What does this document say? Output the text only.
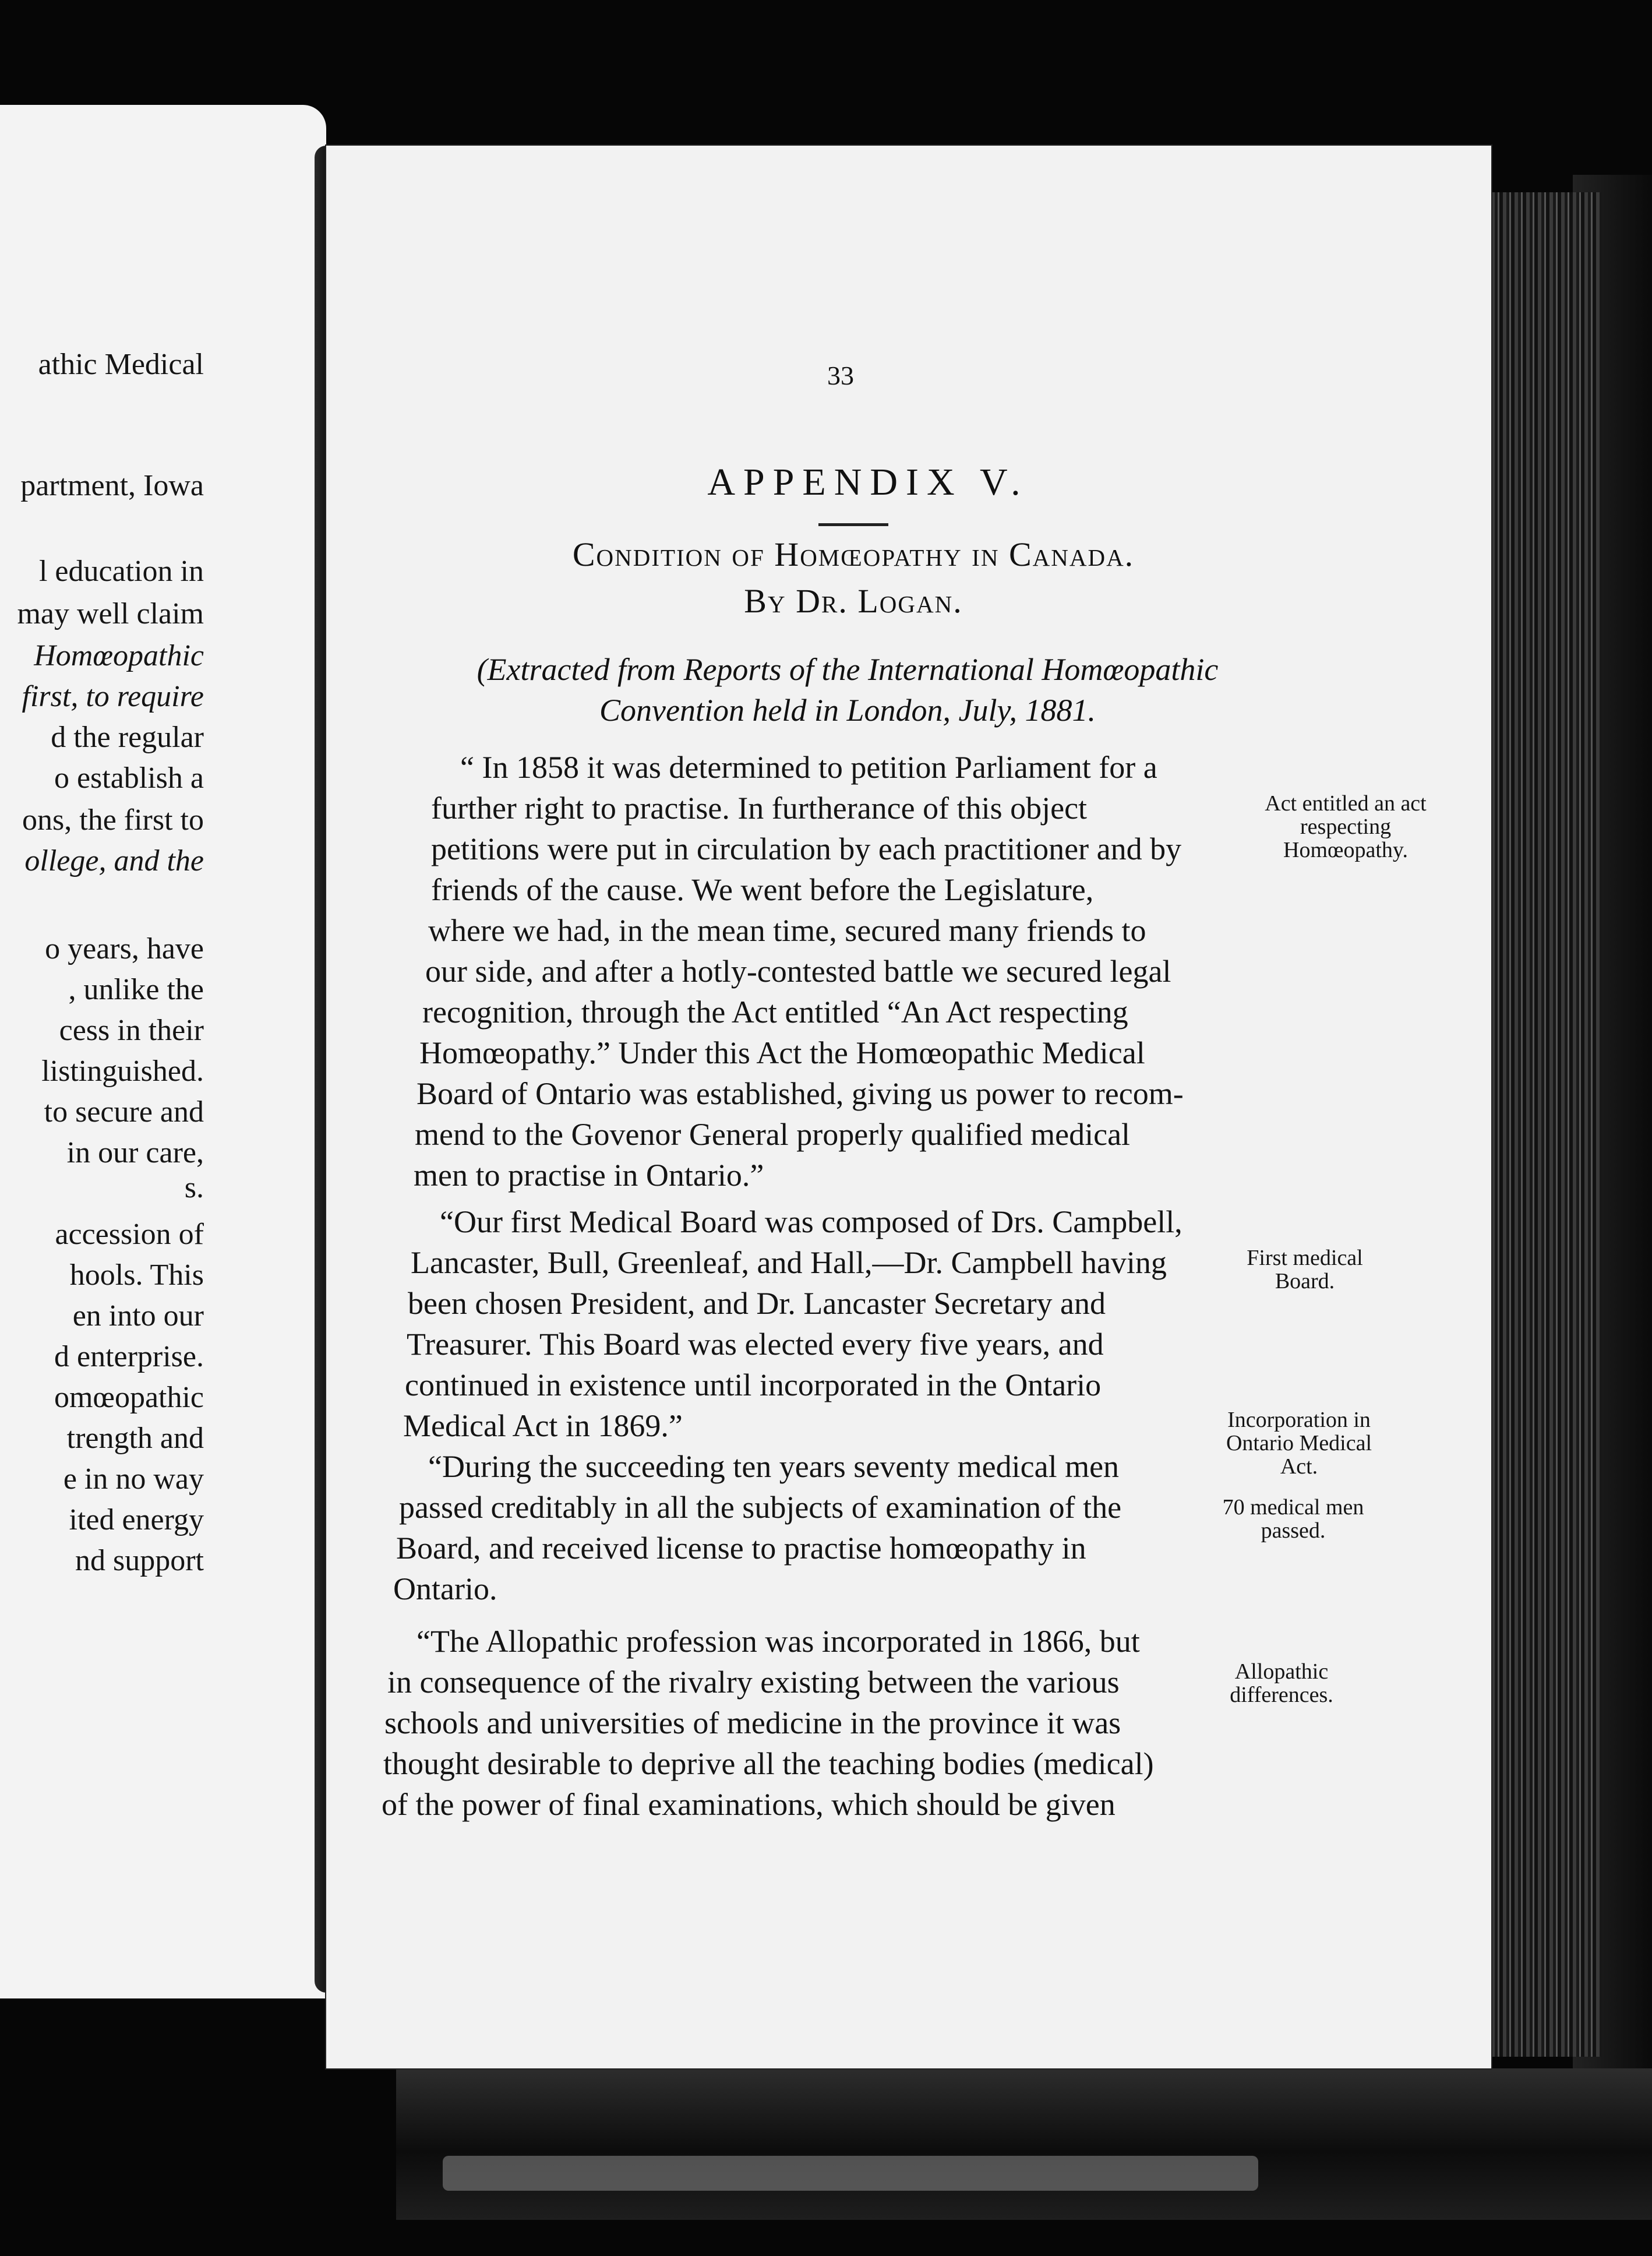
athic Medical
partment, Iowa
l education in
may well claim
Homœopathic
first, to require
d the regular
o establish a
ons, the first to
ollege, and the
o years, have
, unlike the
cess in their
listinguished.
to secure and
in our care,
s.
accession of
hools. This
en into our
d enterprise.
omœopathic
trength and
e in no way
ited energy
nd support
33
APPENDIX V.
Condition of Homœopathy in Canada.
By Dr. Logan.
(Extracted from Reports of the International Homœopathic
Convention held in London, July, 1881.
“ In 1858 it was determined to petition Parliament for a
further right to practise. In furtherance of this object
petitions were put in circulation by each practitioner and by
friends of the cause. We went before the Legislature,
where we had, in the mean time, secured many friends to
our side, and after a hotly-contested battle we secured legal
recognition, through the Act entitled “An Act respecting
Homœopathy.” Under this Act the Homœopathic Medical
Board of Ontario was established, giving us power to recom-
mend to the Govenor General properly qualified medical
men to practise in Ontario.”
“Our first Medical Board was composed of Drs. Campbell,
Lancaster, Bull, Greenleaf, and Hall,—Dr. Campbell having
been chosen President, and Dr. Lancaster Secretary and
Treasurer. This Board was elected every five years, and
continued in existence until incorporated in the Ontario
Medical Act in 1869.”
“During the succeeding ten years seventy medical men
passed creditably in all the subjects of examination of the
Board, and received license to practise homœopathy in
Ontario.
“The Allopathic profession was incorporated in 1866, but
in consequence of the rivalry existing between the various
schools and universities of medicine in the province it was
thought desirable to deprive all the teaching bodies (medical)
of the power of final examinations, which should be given
Act entitled an act respecting Homœopathy.
First medical Board.
Incorporation in Ontario Medical Act.
70 medical men passed.
Allopathic differences.
